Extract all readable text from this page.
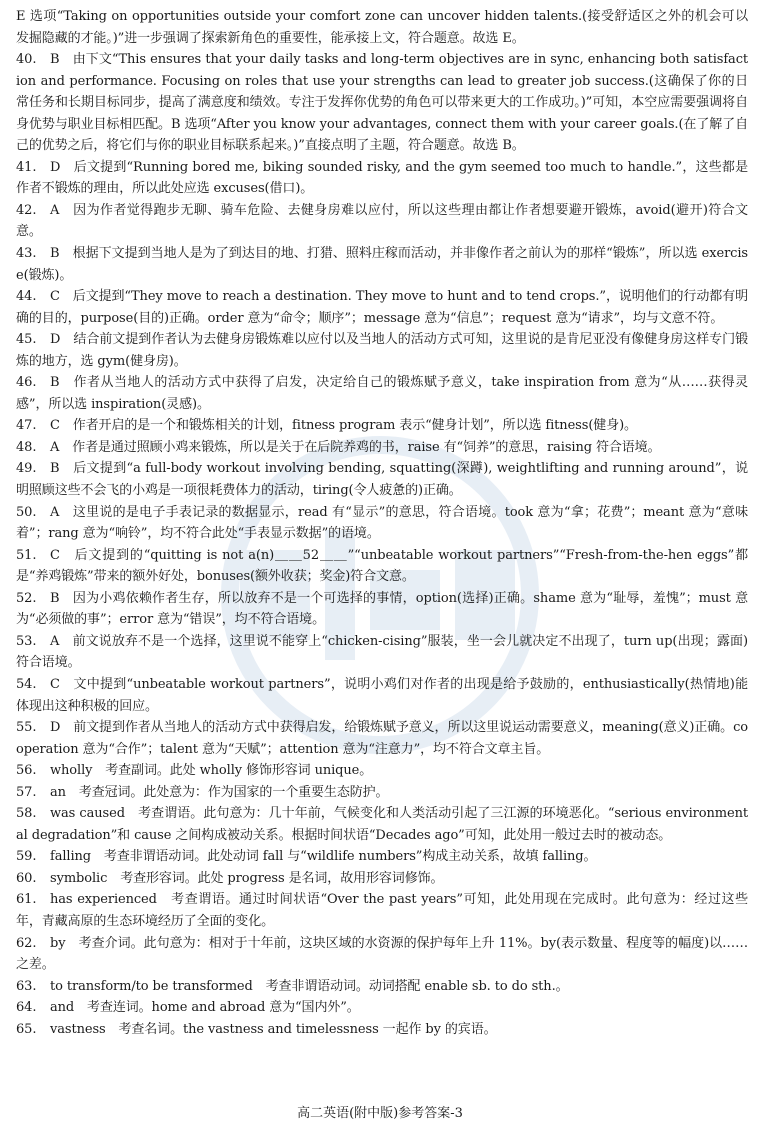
E 选项“Taking on opportunities outside your comfort zone can uncover hidden talents.(接受舒适区之外的机会可以发掘隐藏的才能。)”进一步强调了探索新角色的重要性，能承接上文，符合题意。故选 E。
40. B　由下文“This ensures that your daily tasks and long-term objectives are in sync, enhancing both satisfaction and performance. Focusing on roles that use your strengths can lead to greater job success.(这确保了你的日常任务和长期目标同步，提高了满意度和绩效。专注于发挥你优势的角色可以带来更大的工作成功。)”可知，本空应需要强调将自身优势与职业目标相匹配。B 选项“After you know your advantages, connect them with your career goals.(在了解了自己的优势之后，将它们与你的职业目标联系起来。)”直接点明了主题，符合题意。故选 B。
41. D　后文提到“Running bored me, biking sounded risky, and the gym seemed too much to handle.”，这些都是作者不锻炼的理由，所以此处应选 excuses(借口)。
42. A　因为作者觉得跑步无聊、骑车危险、去健身房难以应付，所以这些理由都让作者想要避开锻炼，avoid(避开)符合文意。
43. B　根据下文提到当地人是为了到达目的地、打猎、照料庄稼而活动，并非像作者之前认为的那样“锻炼”，所以选 exercise(锻炼)。
44. C　后文提到“They move to reach a destination. They move to hunt and to tend crops.”，说明他们的行动都有明确的目的，purpose(目的)正确。order 意为“命令；顺序”；message 意为“信息”；request 意为“请求”，均与文意不符。
45. D　结合前文提到作者认为去健身房锻炼难以应付以及当地人的活动方式可知，这里说的是肯尼亚没有像健身房这样专门锻炼的地方，选 gym(健身房)。
46. B　作者从当地人的活动方式中获得了启发，决定给自己的锻炼赋予意义，take inspiration from 意为“从……获得灵感”，所以选 inspiration(灵感)。
47. C　作者开启的是一个和锻炼相关的计划，fitness program 表示“健身计划”，所以选 fitness(健身)。
48. A　作者是通过照顾小鸡来锻炼，所以是关于在后院养鸡的书，raise 有“饲养”的意思，raising 符合语境。
49. B　后文提到“a full-body workout involving bending, squatting(深蹲), weightlifting and running around”，说明照顾这些不会飞的小鸡是一项很耗费体力的活动，tiring(令人疲惫的)正确。
50. A　这里说的是电子手表记录的数据显示，read 有“显示”的意思，符合语境。took 意为“拿；花费”；meant 意为“意味着”；rang 意为“响铃”，均不符合此处“手表显示数据”的语境。
51. C　后文提到的“quitting is not a(n)＿＿52＿＿”“unbeatable workout partners”“Fresh-from-the-hen eggs”都是“养鸡锻炼”带来的额外好处，bonuses(额外收获；奖金)符合文意。
52. B　因为小鸡依赖作者生存，所以放弃不是一个可选择的事情，option(选择)正确。shame 意为“耻辱，羞愧”；must 意为“必须做的事”；error 意为“错误”，均不符合语境。
53. A　前文说放弃不是一个选择，这里说不能穿上“chicken-cising”服装，坐一会儿就决定不出现了，turn up(出现；露面)符合语境。
54. C　文中提到“unbeatable workout partners”，说明小鸡们对作者的出现是给予鼓励的，enthusiastically(热情地)能体现出这种积极的回应。
55. D　前文提到作者从当地人的活动方式中获得启发，给锻炼赋予意义，所以这里说运动需要意义，meaning(意义)正确。cooperation 意为“合作”；talent 意为“天赋”；attention 意为“注意力”，均不符合文章主旨。
56. wholly　考查副词。此处 wholly 修饰形容词 unique。
57. an　考查冠词。此处意为：作为国家的一个重要生态防护。
58. was caused　考查谓语。此句意为：几十年前，气候变化和人类活动引起了三江源的环境恶化。“serious environmental degradation”和 cause 之间构成被动关系。根据时间状语“Decades ago”可知，此处用一般过去时的被动态。
59. falling　考查非谓语动词。此处动词 fall 与“wildlife numbers”构成主动关系，故填 falling。
60. symbolic　考查形容词。此处 progress 是名词，故用形容词修饰。
61. has experienced　考查谓语。通过时间状语“Over the past years”可知，此处用现在完成时。此句意为：经过这些年，青藏高原的生态环境经历了全面的变化。
62. by　考查介词。此句意为：相对于十年前，这块区域的水资源的保护每年上升 11%。by(表示数量、程度等的幅度)以……之差。
63. to transform/to be transformed　考查非谓语动词。动词搭配 enable sb. to do sth.。
64. and　考查连词。home and abroad 意为“国内外”。
65. vastness　考查名词。the vastness and timelessness 一起作 by 的宾语。
高二英语(附中版)参考答案-3
